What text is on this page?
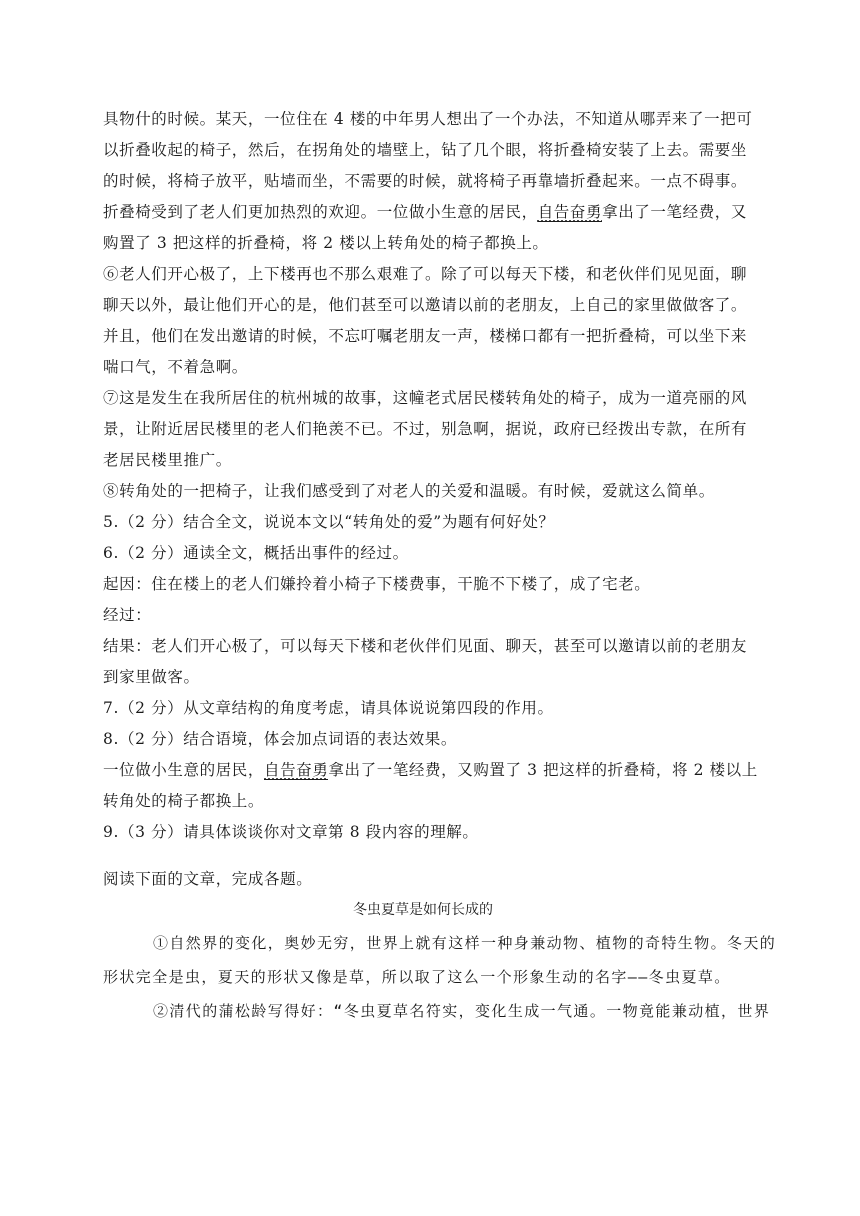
具物什的时候。某天，一位住在 4 楼的中年男人想出了一个办法，不知道从哪弄来了一把可
以折叠收起的椅子，然后，在拐角处的墙壁上，钻了几个眼，将折叠椅安装了上去。需要坐
的时候，将椅子放平，贴墙而坐，不需要的时候，就将椅子再靠墙折叠起来。一点不碍事。
折叠椅受到了老人们更加热烈的欢迎。一位做小生意的居民，自告奋勇拿出了一笔经费，又
购置了 3 把这样的折叠椅，将 2 楼以上转角处的椅子都换上。
⑥老人们开心极了，上下楼再也不那么艰难了。除了可以每天下楼，和老伙伴们见见面，聊
聊天以外，最让他们开心的是，他们甚至可以邀请以前的老朋友，上自己的家里做做客了。
并且，他们在发出邀请的时候，不忘叮嘱老朋友一声，楼梯口都有一把折叠椅，可以坐下来
喘口气，不着急啊。
⑦这是发生在我所居住的杭州城的故事，这幢老式居民楼转角处的椅子，成为一道亮丽的风
景，让附近居民楼里的老人们艳羡不已。不过，别急啊，据说，政府已经拨出专款，在所有
老居民楼里推广。
⑧转角处的一把椅子，让我们感受到了对老人的关爱和温暖。有时候，爱就这么简单。
5.（2 分）结合全文，说说本文以“转角处的爱”为题有何好处？
6.（2 分）通读全文，概括出事件的经过。
起因：住在楼上的老人们嫌拎着小椅子下楼费事，干脆不下楼了，成了宅老。
经过：
结果：老人们开心极了，可以每天下楼和老伙伴们见面、聊天，甚至可以邀请以前的老朋友
到家里做客。
7.（2 分）从文章结构的角度考虑，请具体说说第四段的作用。
8.（2 分）结合语境，体会加点词语的表达效果。
一位做小生意的居民，自告奋勇拿出了一笔经费，又购置了 3 把这样的折叠椅，将 2 楼以上
转角处的椅子都换上。
9.（3 分）请具体谈谈你对文章第 8 段内容的理解。
阅读下面的文章，完成各题。
冬虫夏草是如何长成的
①自然界的变化，奥妙无穷，世界上就有这样一种身兼动物、植物的奇特生物。冬天的
形状完全是虫，夏天的形状又像是草，所以取了这么一个形象生动的名字——冬虫夏草。
②清代的蒲松龄写得好：“冬虫夏草名符实，变化生成一气通。一物竟能兼动植，世界
